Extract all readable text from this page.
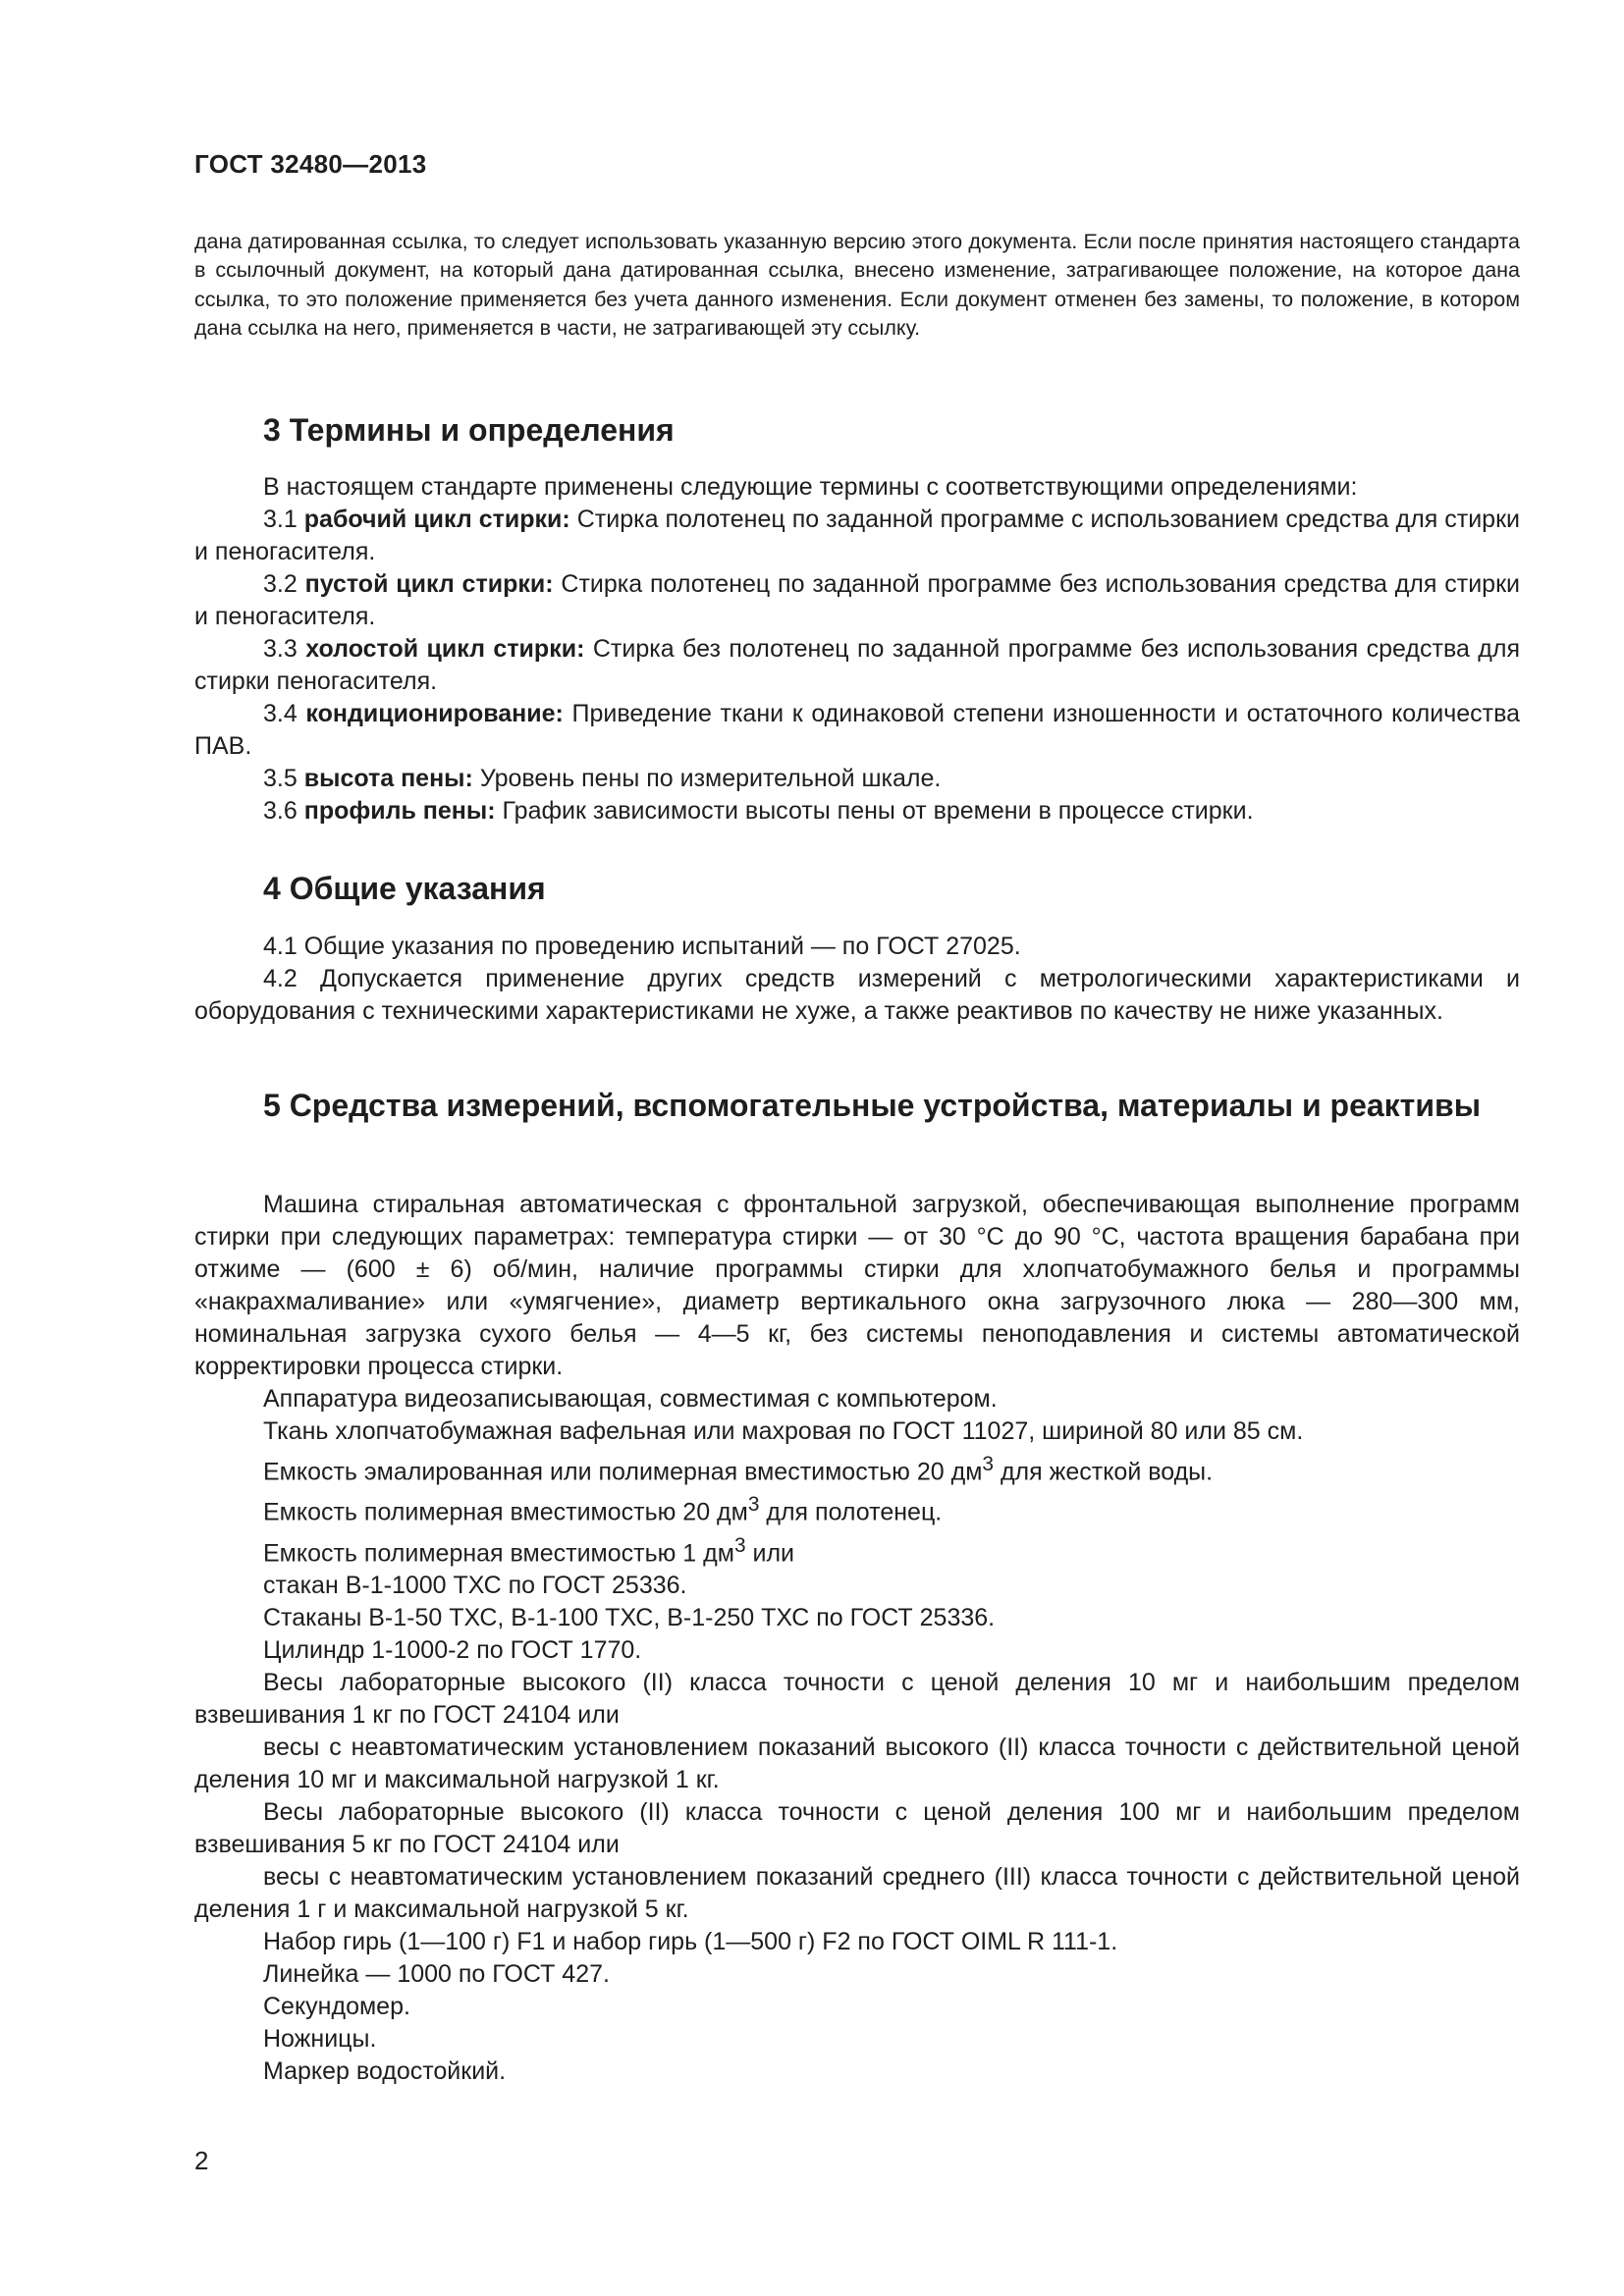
ГОСТ 32480—2013

дана датированная ссылка, то следует использовать указанную версию этого документа. Если после принятия настоящего стандарта в ссылочный документ, на который дана датированная ссылка, внесено изменение, затрагивающее положение, на которое дана ссылка, то это положение применяется без учета данного изменения. Если документ отменен без замены, то положение, в котором дана ссылка на него, применяется в части, не затрагивающей эту ссылку.

3 Термины и определения
В настоящем стандарте применены следующие термины с соответствующими определениями:
3.1 рабочий цикл стирки: Стирка полотенец по заданной программе с использованием средства для стирки и пеногасителя.
3.2 пустой цикл стирки: Стирка полотенец по заданной программе без использования средства для стирки и пеногасителя.
3.3 холостой цикл стирки: Стирка без полотенец по заданной программе без использования средства для стирки пеногасителя.
3.4 кондиционирование: Приведение ткани к одинаковой степени изношенности и остаточного количества ПАВ.
3.5 высота пены: Уровень пены по измерительной шкале.
3.6 профиль пены: График зависимости высоты пены от времени в процессе стирки.
4 Общие указания
4.1 Общие указания по проведению испытаний — по ГОСТ 27025.
4.2 Допускается применение других средств измерений с метрологическими характеристиками и оборудования с техническими характеристиками не хуже, а также реактивов по качеству не ниже указанных.
5 Средства измерений, вспомогательные устройства, материалы и реактивы
Машина стиральная автоматическая с фронтальной загрузкой, обеспечивающая выполнение программ стирки при следующих параметрах: температура стирки — от 30 °С до 90 °С, частота вращения барабана при отжиме — (600 ± 6) об/мин, наличие программы стирки для хлопчатобумажного белья и программы «накрахмаливание» или «умягчение», диаметр вертикального окна загрузочного люка — 280—300 мм, номинальная загрузка сухого белья — 4—5 кг, без системы пеноподавления и системы автоматической корректировки процесса стирки.
Аппаратура видеозаписывающая, совместимая с компьютером.
Ткань хлопчатобумажная вафельная или махровая по ГОСТ 11027, шириной 80 или 85 см.
Емкость эмалированная или полимерная вместимостью 20 $дм^3$ для жесткой воды.
Емкость полимерная вместимостью 20 $дм^3$ для полотенец.
Емкость полимерная вместимостью 1 $дм^3$ или
стакан В-1-1000 ТХС по ГОСТ 25336.
Стаканы В-1-50 ТХС, В-1-100 ТХС, В-1-250 ТХС по ГОСТ 25336.
Цилиндр 1-1000-2 по ГОСТ 1770.
Весы лабораторные высокого (II) класса точности с ценой деления 10 мг и наибольшим пределом взвешивания 1 кг по ГОСТ 24104 или
весы с неавтоматическим установлением показаний высокого (II) класса точности с действительной ценой деления 10 мг и максимальной нагрузкой 1 кг.
Весы лабораторные высокого (II) класса точности с ценой деления 100 мг и наибольшим пределом взвешивания 5 кг по ГОСТ 24104 или
весы с неавтоматическим установлением показаний среднего (III) класса точности с действительной ценой деления 1 г и максимальной нагрузкой 5 кг.
Набор гирь (1—100 г) F1 и набор гирь (1—500 г) F2 по ГОСТ OIML R 111-1.
Линейка — 1000 по ГОСТ 427.
Секундомер.
Ножницы.
Маркер водостойкий.
2
